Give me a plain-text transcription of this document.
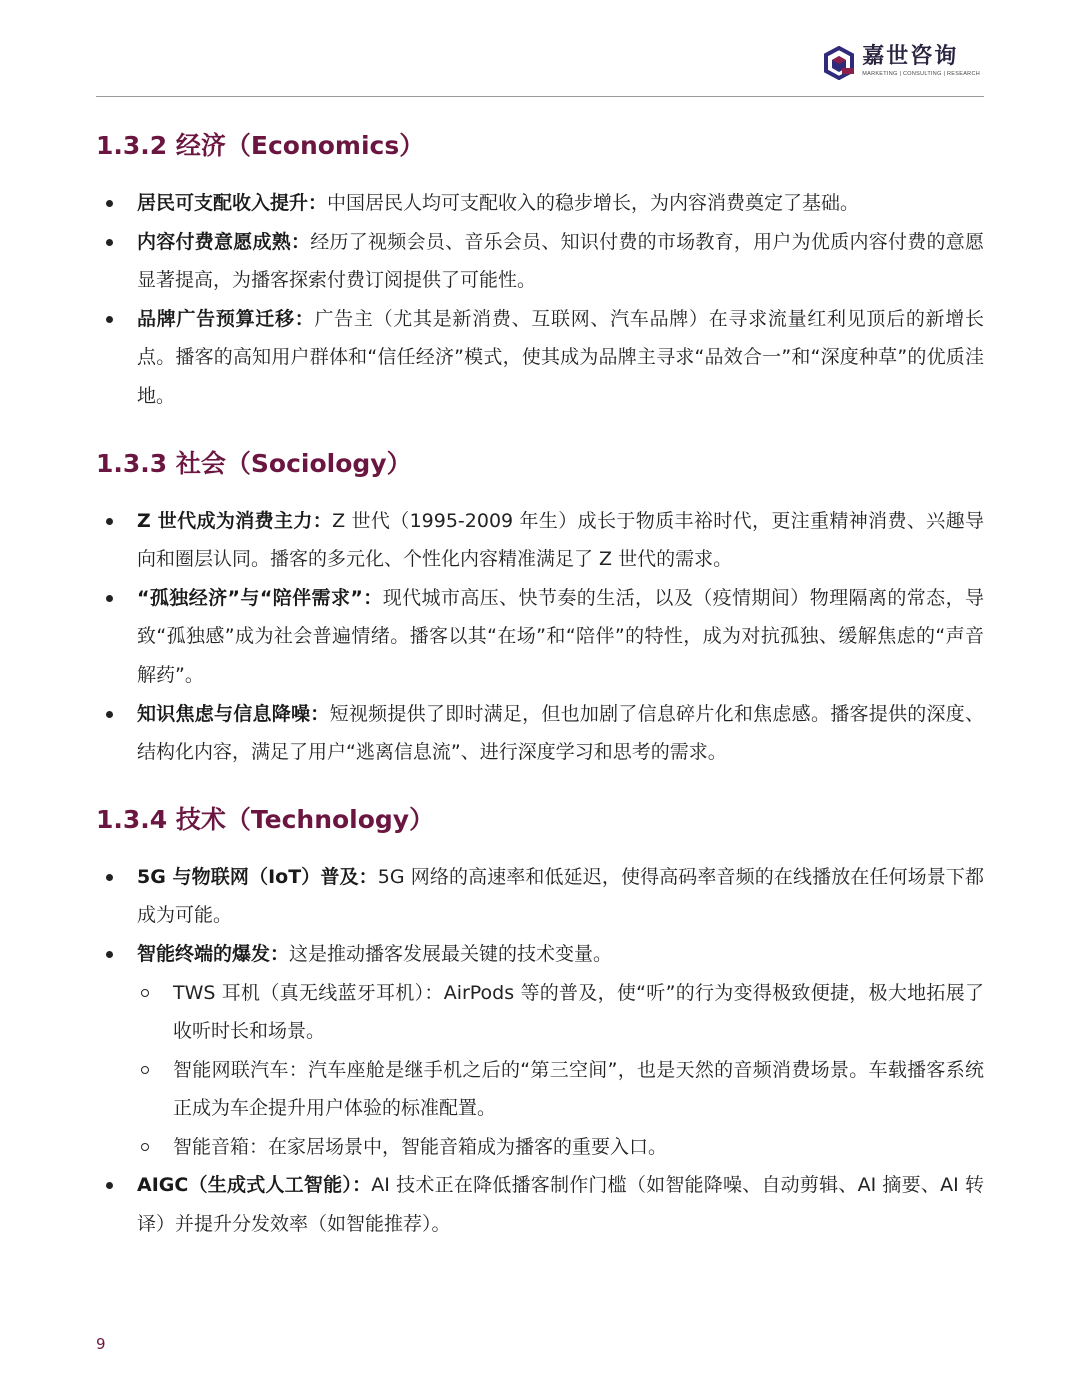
嘉世咨询
MARKETING | CONSULTING | RESEARCH
1.3.2 经济（Economics）
居民可支配收入提升：中国居民人均可支配收入的稳步增长，为内容消费奠定了基础。
内容付费意愿成熟：经历了视频会员、音乐会员、知识付费的市场教育，用户为优质内容付费的意愿显著提高，为播客探索付费订阅提供了可能性。
品牌广告预算迁移：广告主（尤其是新消费、互联网、汽车品牌）在寻求流量红利见顶后的新增长点。播客的高知用户群体和“信任经济”模式，使其成为品牌主寻求“品效合一”和“深度种草”的优质洼地。
1.3.3 社会（Sociology）
Z 世代成为消费主力：Z 世代（1995-2009 年生）成长于物质丰裕时代，更注重精神消费、兴趣导向和圈层认同。播客的多元化、个性化内容精准满足了 Z 世代的需求。
“孤独经济”与“陪伴需求”：现代城市高压、快节奏的生活，以及（疫情期间）物理隔离的常态，导致“孤独感”成为社会普遍情绪。播客以其“在场”和“陪伴”的特性，成为对抗孤独、缓解焦虑的“声音解药”。
知识焦虑与信息降噪：短视频提供了即时满足，但也加剧了信息碎片化和焦虑感。播客提供的深度、结构化内容，满足了用户“逃离信息流”、进行深度学习和思考的需求。
1.3.4 技术（Technology）
5G 与物联网（IoT）普及：5G 网络的高速率和低延迟，使得高码率音频的在线播放在任何场景下都成为可能。
智能终端的爆发：这是推动播客发展最关键的技术变量。
TWS 耳机（真无线蓝牙耳机）：AirPods 等的普及，使“听”的行为变得极致便捷，极大地拓展了收听时长和场景。
智能网联汽车：汽车座舱是继手机之后的“第三空间”，也是天然的音频消费场景。车载播客系统正成为车企提升用户体验的标准配置。
智能音箱：在家居场景中，智能音箱成为播客的重要入口。
AIGC（生成式人工智能）：AI 技术正在降低播客制作门槛（如智能降噪、自动剪辑、AI 摘要、AI 转译）并提升分发效率（如智能推荐）。
9
